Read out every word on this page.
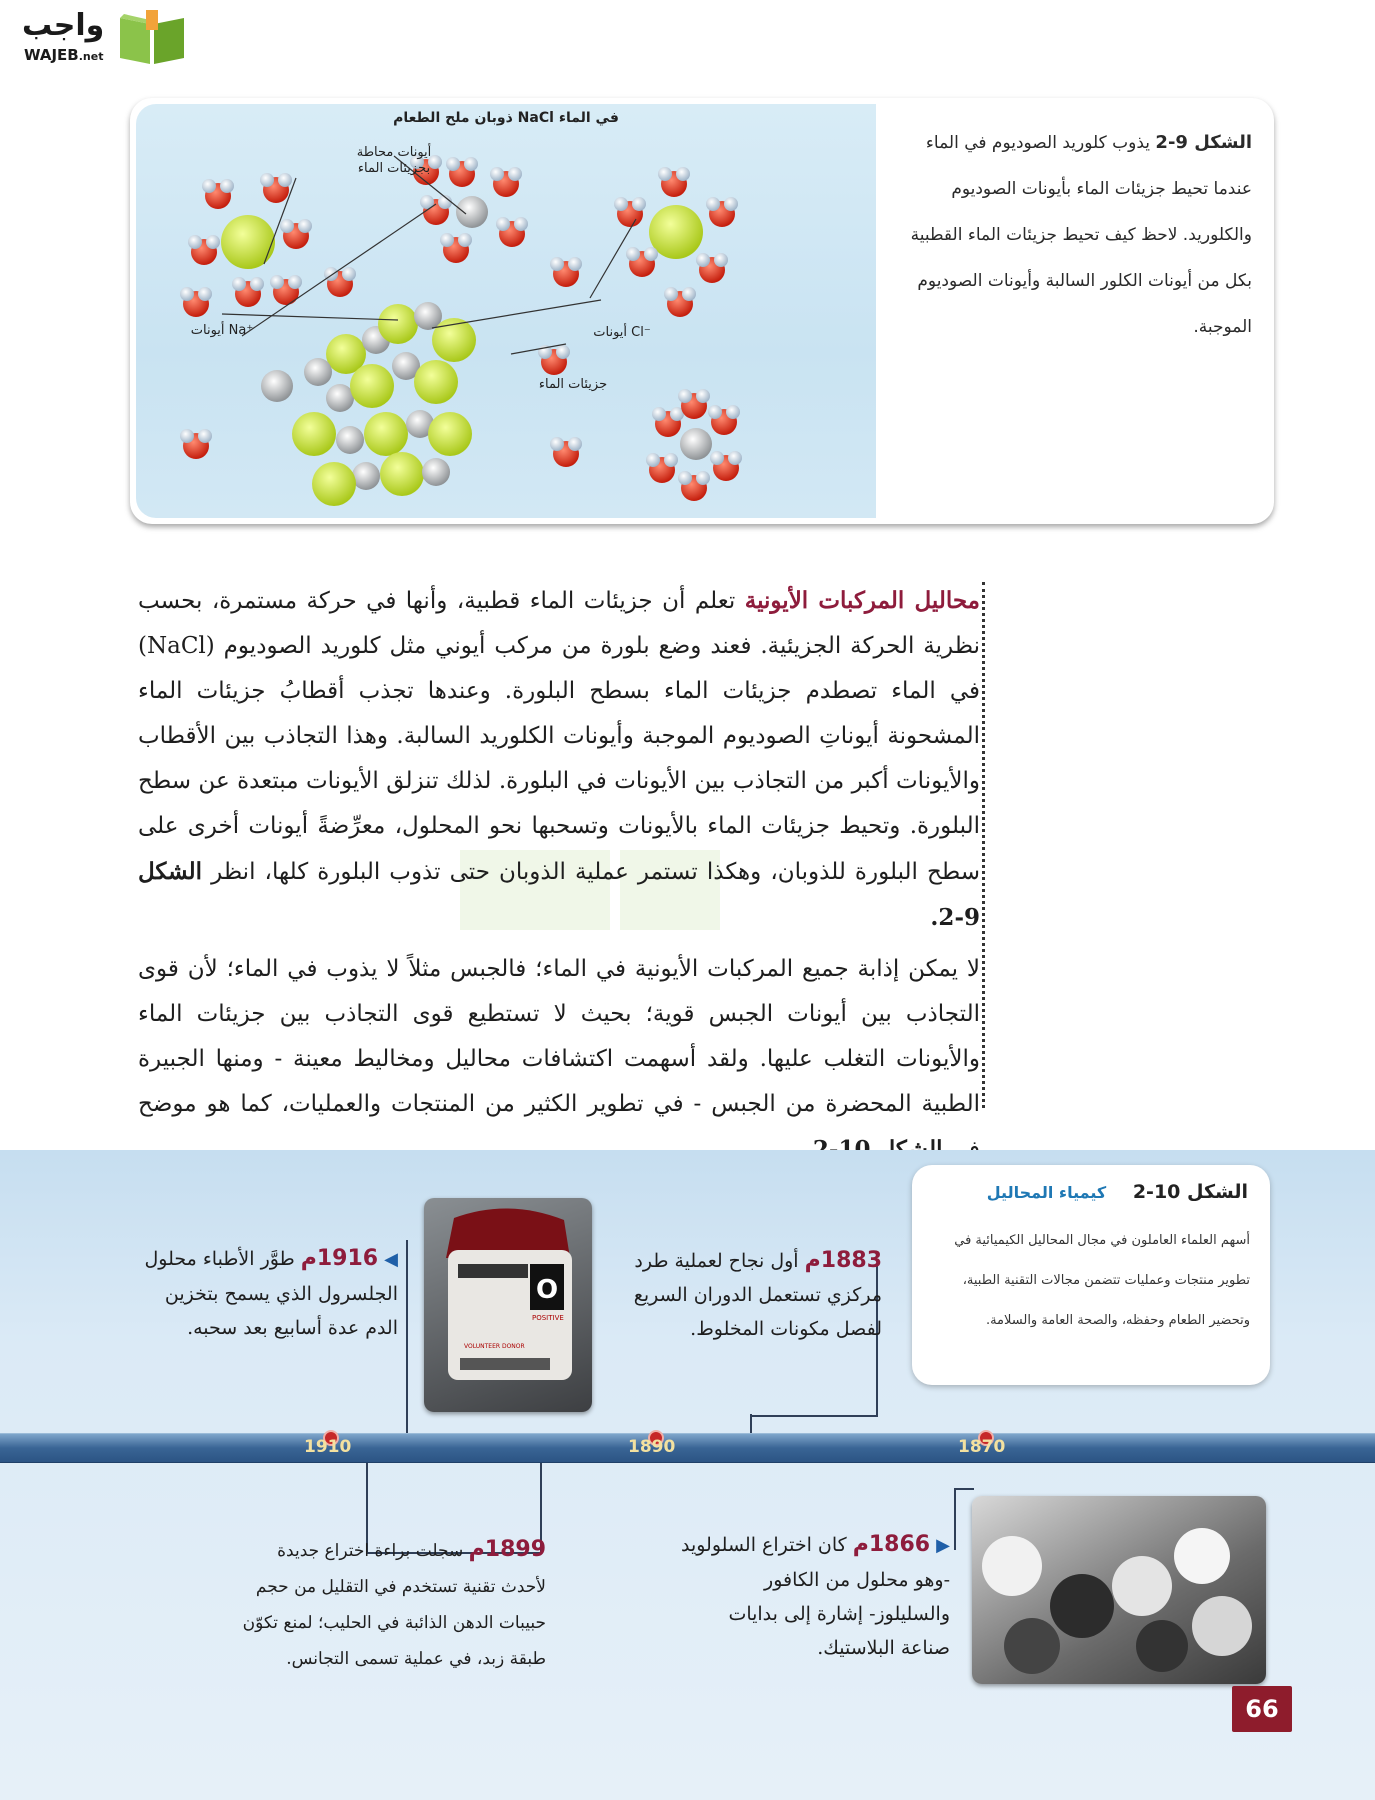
واجب
WAJEB.net
ذوبان ملح الطعام NaCl في الماء
أيونات محاطة
بجزيئات الماء
أيونات Na⁺	أيونات Cl⁻
جزيئات الماء
الشكل 9-2 يذوب كلوريد الصوديوم في الماء عندما تحيط جزيئات الماء بأيونات الصوديوم والكلوريد. لاحظ كيف تحيط جزيئات الماء القطبية بكل من أيونات الكلور السالبة وأيونات الصوديوم الموجبة.

محاليل المركبات الأيونية تعلم أن جزيئات الماء قطبية، وأنها في حركة مستمرة، بحسب نظرية الحركة الجزيئية. فعند وضع بلورة من مركب أيوني مثل كلوريد الصوديوم (NaCl) في الماء تصطدم جزيئات الماء بسطح البلورة. وعندها تجذب أقطابُ جزيئات الماء المشحونة أيوناتِ الصوديوم الموجبة وأيونات الكلوريد السالبة. وهذا التجاذب بين الأقطاب والأيونات أكبر من التجاذب بين الأيونات في البلورة. لذلك تنزلق الأيونات مبتعدة عن سطح البلورة. وتحيط جزيئات الماء بالأيونات وتسحبها نحو المحلول، معرِّضةً أيونات أخرى على سطح البلورة للذوبان، وهكذا تستمر عملية الذوبان حتى تذوب البلورة كلها، انظر الشكل 9-2.

لا يمكن إذابة جميع المركبات الأيونية في الماء؛ فالجبس مثلاً لا يذوب في الماء؛ لأن قوى التجاذب بين أيونات الجبس قوية؛ بحيث لا تستطيع قوى التجاذب بين جزيئات الماء والأيونات التغلب عليها. ولقد أسهمت اكتشافات محاليل ومخاليط معينة - ومنها الجبيرة الطبية المحضرة من الجبس - في تطوير الكثير من المنتجات والعمليات، كما هو موضح

الشكل 10-2 كيمياء المحاليل
أسهم العلماء العاملون في مجال المحاليل الكيميائية في تطوير منتجات وعمليات تتضمن مجالات التقنية الطبية، وتحضير الطعام وحفظه، والصحة العامة والسلامة.
O
POSITIVE
VOLUNTEER DONOR
1910	1890	1870
◀ 1916م طوَّر الأطباء محلول الجلسرول الذي يسمح بتخزين الدم عدة أسابيع بعد سحبه.
1883م أول نجاح لعملية طرد مركزي تستعمل الدوران السريع لفصل مكونات المخلوط.
1899م سجلت براءة اختراع جديدة لأحدث تقنية تستخدم في التقليل من حجم حبيبات الدهن الذائبة في الحليب؛ لمنع تكوّن طبقة زبد، في عملية تسمى التجانس.
▶ 1866م كان اختراع السلولويد -وهو محلول من الكافور والسليلوز- إشارة إلى بدايات صناعة البلاستيك.
66
